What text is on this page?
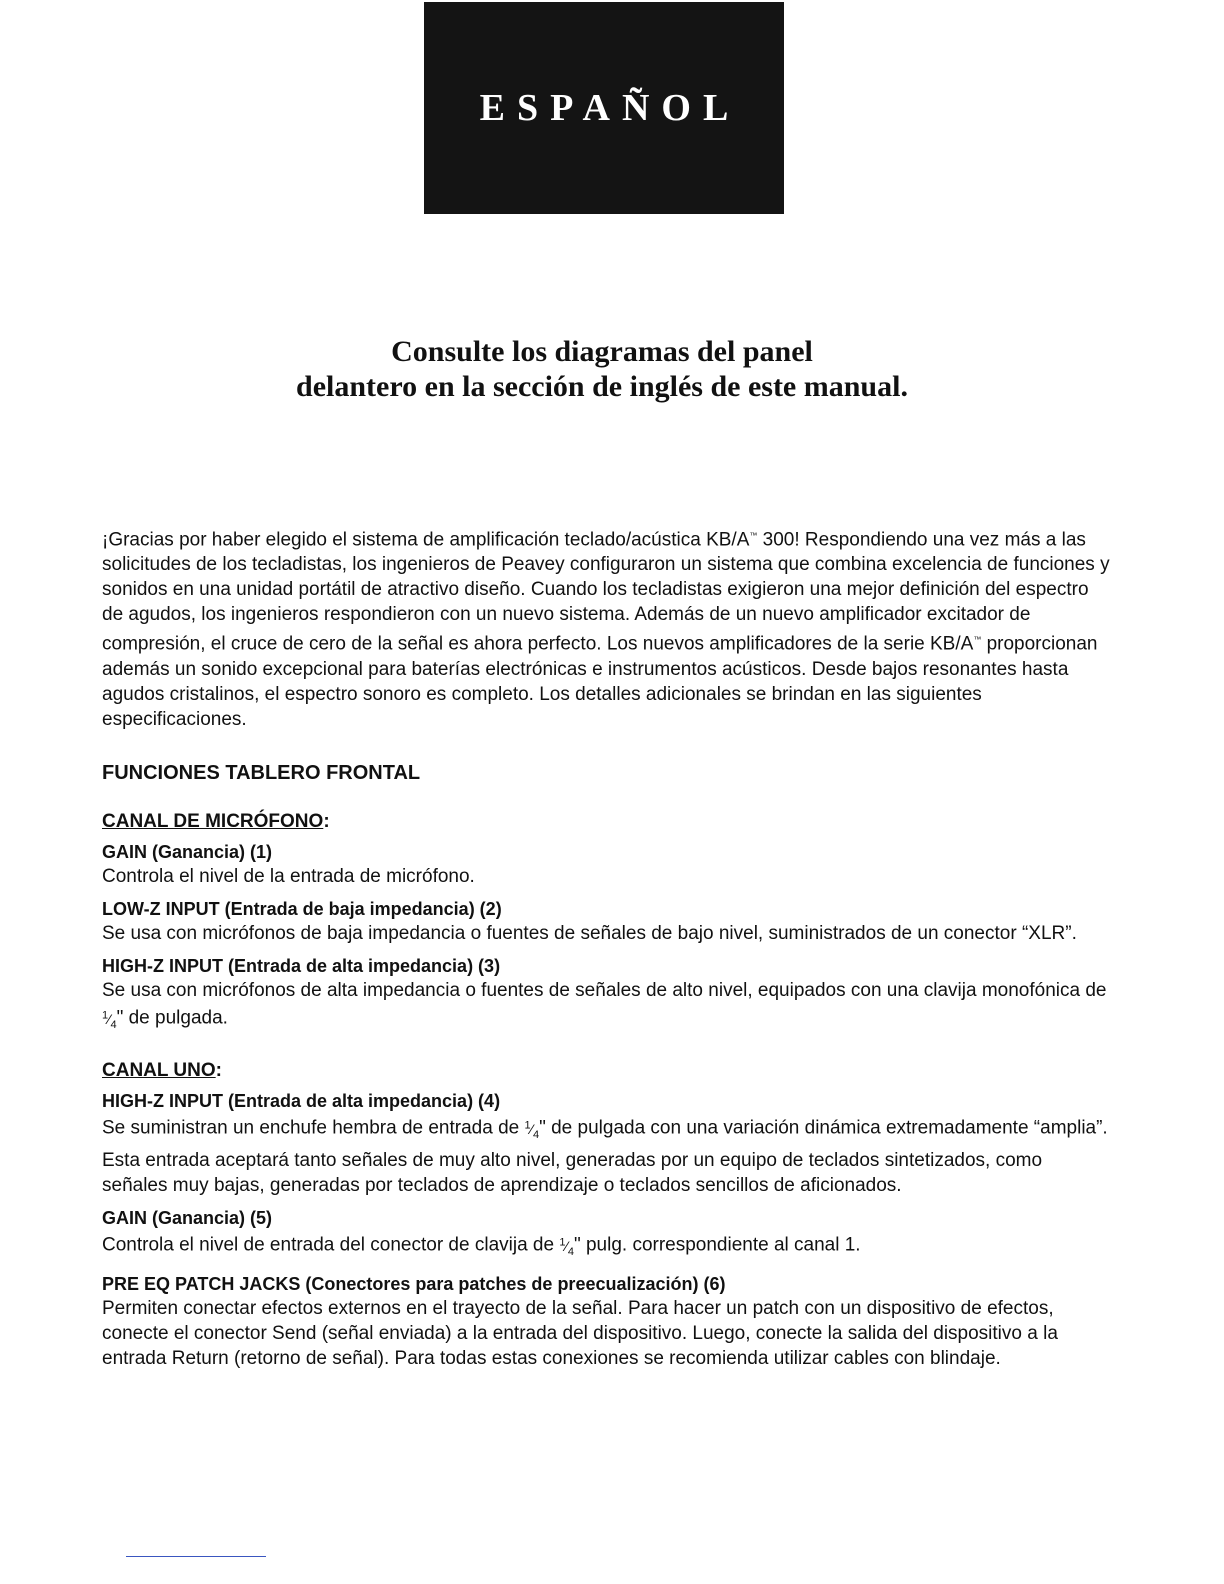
ESPAÑOL
Consulte los diagramas del panel
delantero en la sección de inglés de este manual.

¡Gracias por haber elegido el sistema de amplificación teclado/acústica KB/A™ 300! Respondiendo una vez más a las solicitudes de los tecladistas, los ingenieros de Peavey configuraron un sistema que combina excelencia de funciones y sonidos en una unidad portátil de atractivo diseño. Cuando los tecladistas exigieron una mejor definición del espectro de agudos, los ingenieros respondieron con un nuevo sistema. Además de un nuevo amplificador excitador de compresión, el cruce de cero de la señal es ahora perfecto. Los nuevos amplificadores de la serie KB/A™ proporcionan además un sonido excepcional para baterías electrónicas e instrumentos acústicos. Desde bajos resonantes hasta agudos cristalinos, el espectro sonoro es completo. Los detalles adicionales se brindan en las siguientes especificaciones.

FUNCIONES TABLERO FRONTAL

CANAL DE MICRÓFONO:

GAIN (Ganancia) (1)

Controla el nivel de la entrada de micrófono.

LOW-Z INPUT (Entrada de baja impedancia) (2)

Se usa con micrófonos de baja impedancia o fuentes de señales de bajo nivel, suministrados de un conector “XLR”.

HIGH-Z INPUT (Entrada de alta impedancia) (3)

Se usa con micrófonos de alta impedancia o fuentes de señales de alto nivel, equipados con una clavija monofónica de $^1⁄_4$" de pulgada.

CANAL UNO:

HIGH-Z INPUT (Entrada de alta impedancia) (4)

Se suministran un enchufe hembra de entrada de $^1⁄_4$" de pulgada con una variación dinámica extremadamente “amplia”. Esta entrada aceptará tanto señales de muy alto nivel, generadas por un equipo de teclados sintetizados, como señales muy bajas, generadas por teclados de aprendizaje o teclados sencillos de aficionados.

GAIN (Ganancia) (5)

Controla el nivel de entrada del conector de clavija de $^1⁄_4$" pulg. correspondiente al canal 1.

PRE EQ PATCH JACKS (Conectores para patches de preecualización) (6)

Permiten conectar efectos externos en el trayecto de la señal. Para hacer un patch con un dispositivo de efectos, conecte el conector Send (señal enviada) a la entrada del dispositivo. Luego, conecte la salida del dispositivo a la entrada Return (retorno de señal). Para todas estas conexiones se recomienda utilizar cables con blindaje.
